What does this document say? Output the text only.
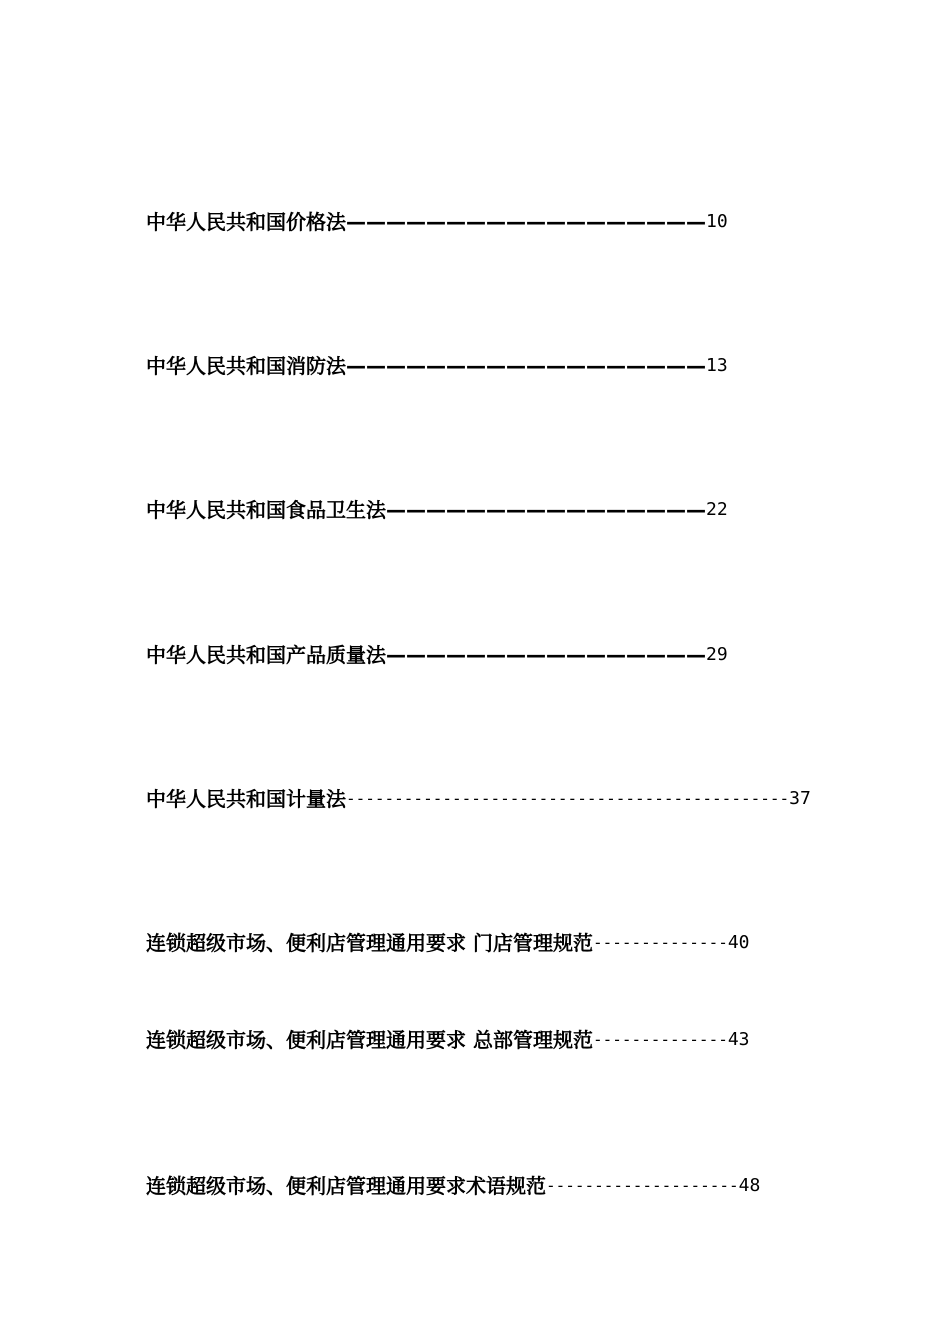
中华人民共和国价格法 —————————————————— 10
中华人民共和国消防法 —————————————————— 13
中华人民共和国食品卫生法 ———————————————— 22
中华人民共和国产品质量法 ———————————————— 29
中华人民共和国计量法 ---------------------------------------------- 37
连锁超级市场、便利店管理通用要求 门店管理规范 -------------- 40
连锁超级市场、便利店管理通用要求 总部管理规范 -------------- 43
连锁超级市场、便利店管理通用要求术语规范 -------------------- 48
